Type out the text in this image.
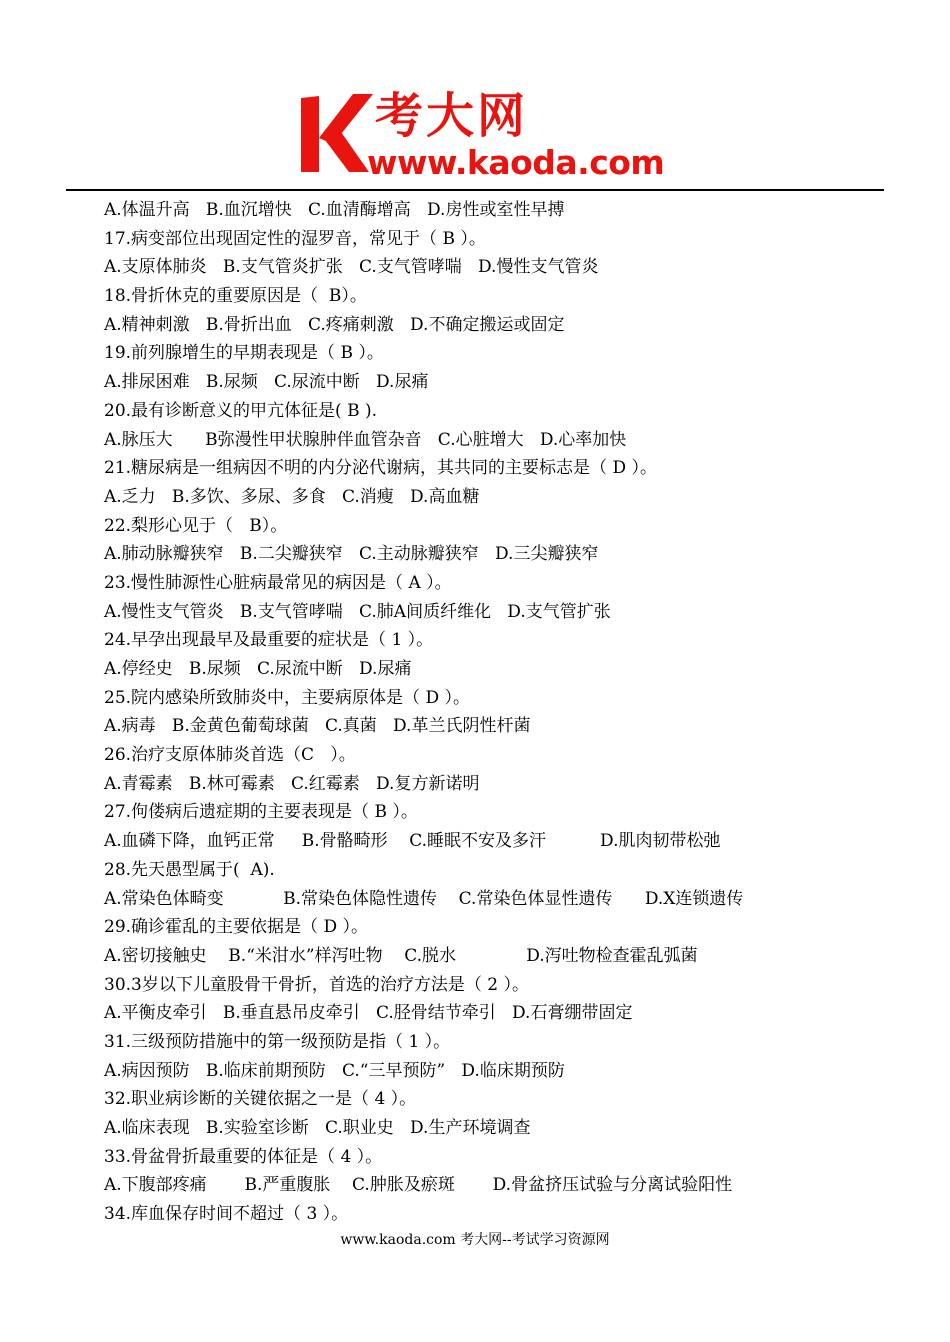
考大网
www.kaoda.com
A.体温升高   B.血沉增快   C.血清酶增高   D.房性或室性早搏
17.病变部位出现固定性的湿罗音，常见于（ B ）。
A.支原体肺炎   B.支气管炎扩张   C.支气管哮喘   D.慢性支气管炎
18.骨折休克的重要原因是（  B）。
A.精神刺激   B.骨折出血   C.疼痛刺激   D.不确定搬运或固定
19.前列腺增生的早期表现是（ B ）。
A.排尿困难   B.尿频   C.尿流中断   D.尿痛
20.最有诊断意义的甲亢体征是( B ).
A.脉压大      B弥漫性甲状腺肿伴血管杂音   C.心脏增大   D.心率加快
21.糖尿病是一组病因不明的内分泌代谢病，其共同的主要标志是（ D ）。
A.乏力   B.多饮、多尿、多食   C.消瘦   D.高血糖
22.梨形心见于（   B）。
A.肺动脉瓣狭窄   B.二尖瓣狭窄   C.主动脉瓣狭窄   D.三尖瓣狭窄
23.慢性肺源性心脏病最常见的病因是（ A ）。
A.慢性支气管炎   B.支气管哮喘   C.肺A间质纤维化   D.支气管扩张
24.早孕出现最早及最重要的症状是（ 1 ）。
A.停经史   B.尿频   C.尿流中断   D.尿痛
25.院内感染所致肺炎中，主要病原体是（ D ）。
A.病毒   B.金黄色葡萄球菌   C.真菌   D.革兰氏阴性杆菌
26.治疗支原体肺炎首选（C   ）。
A.青霉素   B.林可霉素   C.红霉素   D.复方新诺明
27.佝偻病后遗症期的主要表现是（ B ）。
A.血磷下降，血钙正常     B.骨骼畸形    C.睡眠不安及多汗          D.肌肉韧带松弛
28.先天愚型属于(  A).
A.常染色体畸变           B.常染色体隐性遗传    C.常染色体显性遗传      D.X连锁遗传
29.确诊霍乱的主要依据是（ D ）。
A.密切接触史    B.“米泔水”样泻吐物    C.脱水             D.泻吐物检查霍乱弧菌
30.3岁以下儿童股骨干骨折，首选的治疗方法是（ 2 ）。
A.平衡皮牵引   B.垂直悬吊皮牵引   C.胫骨结节牵引   D.石膏绷带固定
31.三级预防措施中的第一级预防是指（ 1 ）。
A.病因预防   B.临床前期预防   C.“三早预防”   D.临床期预防
32.职业病诊断的关键依据之一是（ 4 ）。
A.临床表现   B.实验室诊断   C.职业史   D.生产环境调查
33.骨盆骨折最重要的体征是（ 4 ）。
A.下腹部疼痛       B.严重腹胀    C.肿胀及瘀斑       D.骨盆挤压试验与分离试验阳性
34.库血保存时间不超过（ 3 ）。
www.kaoda.com 考大网--考试学习资源网
